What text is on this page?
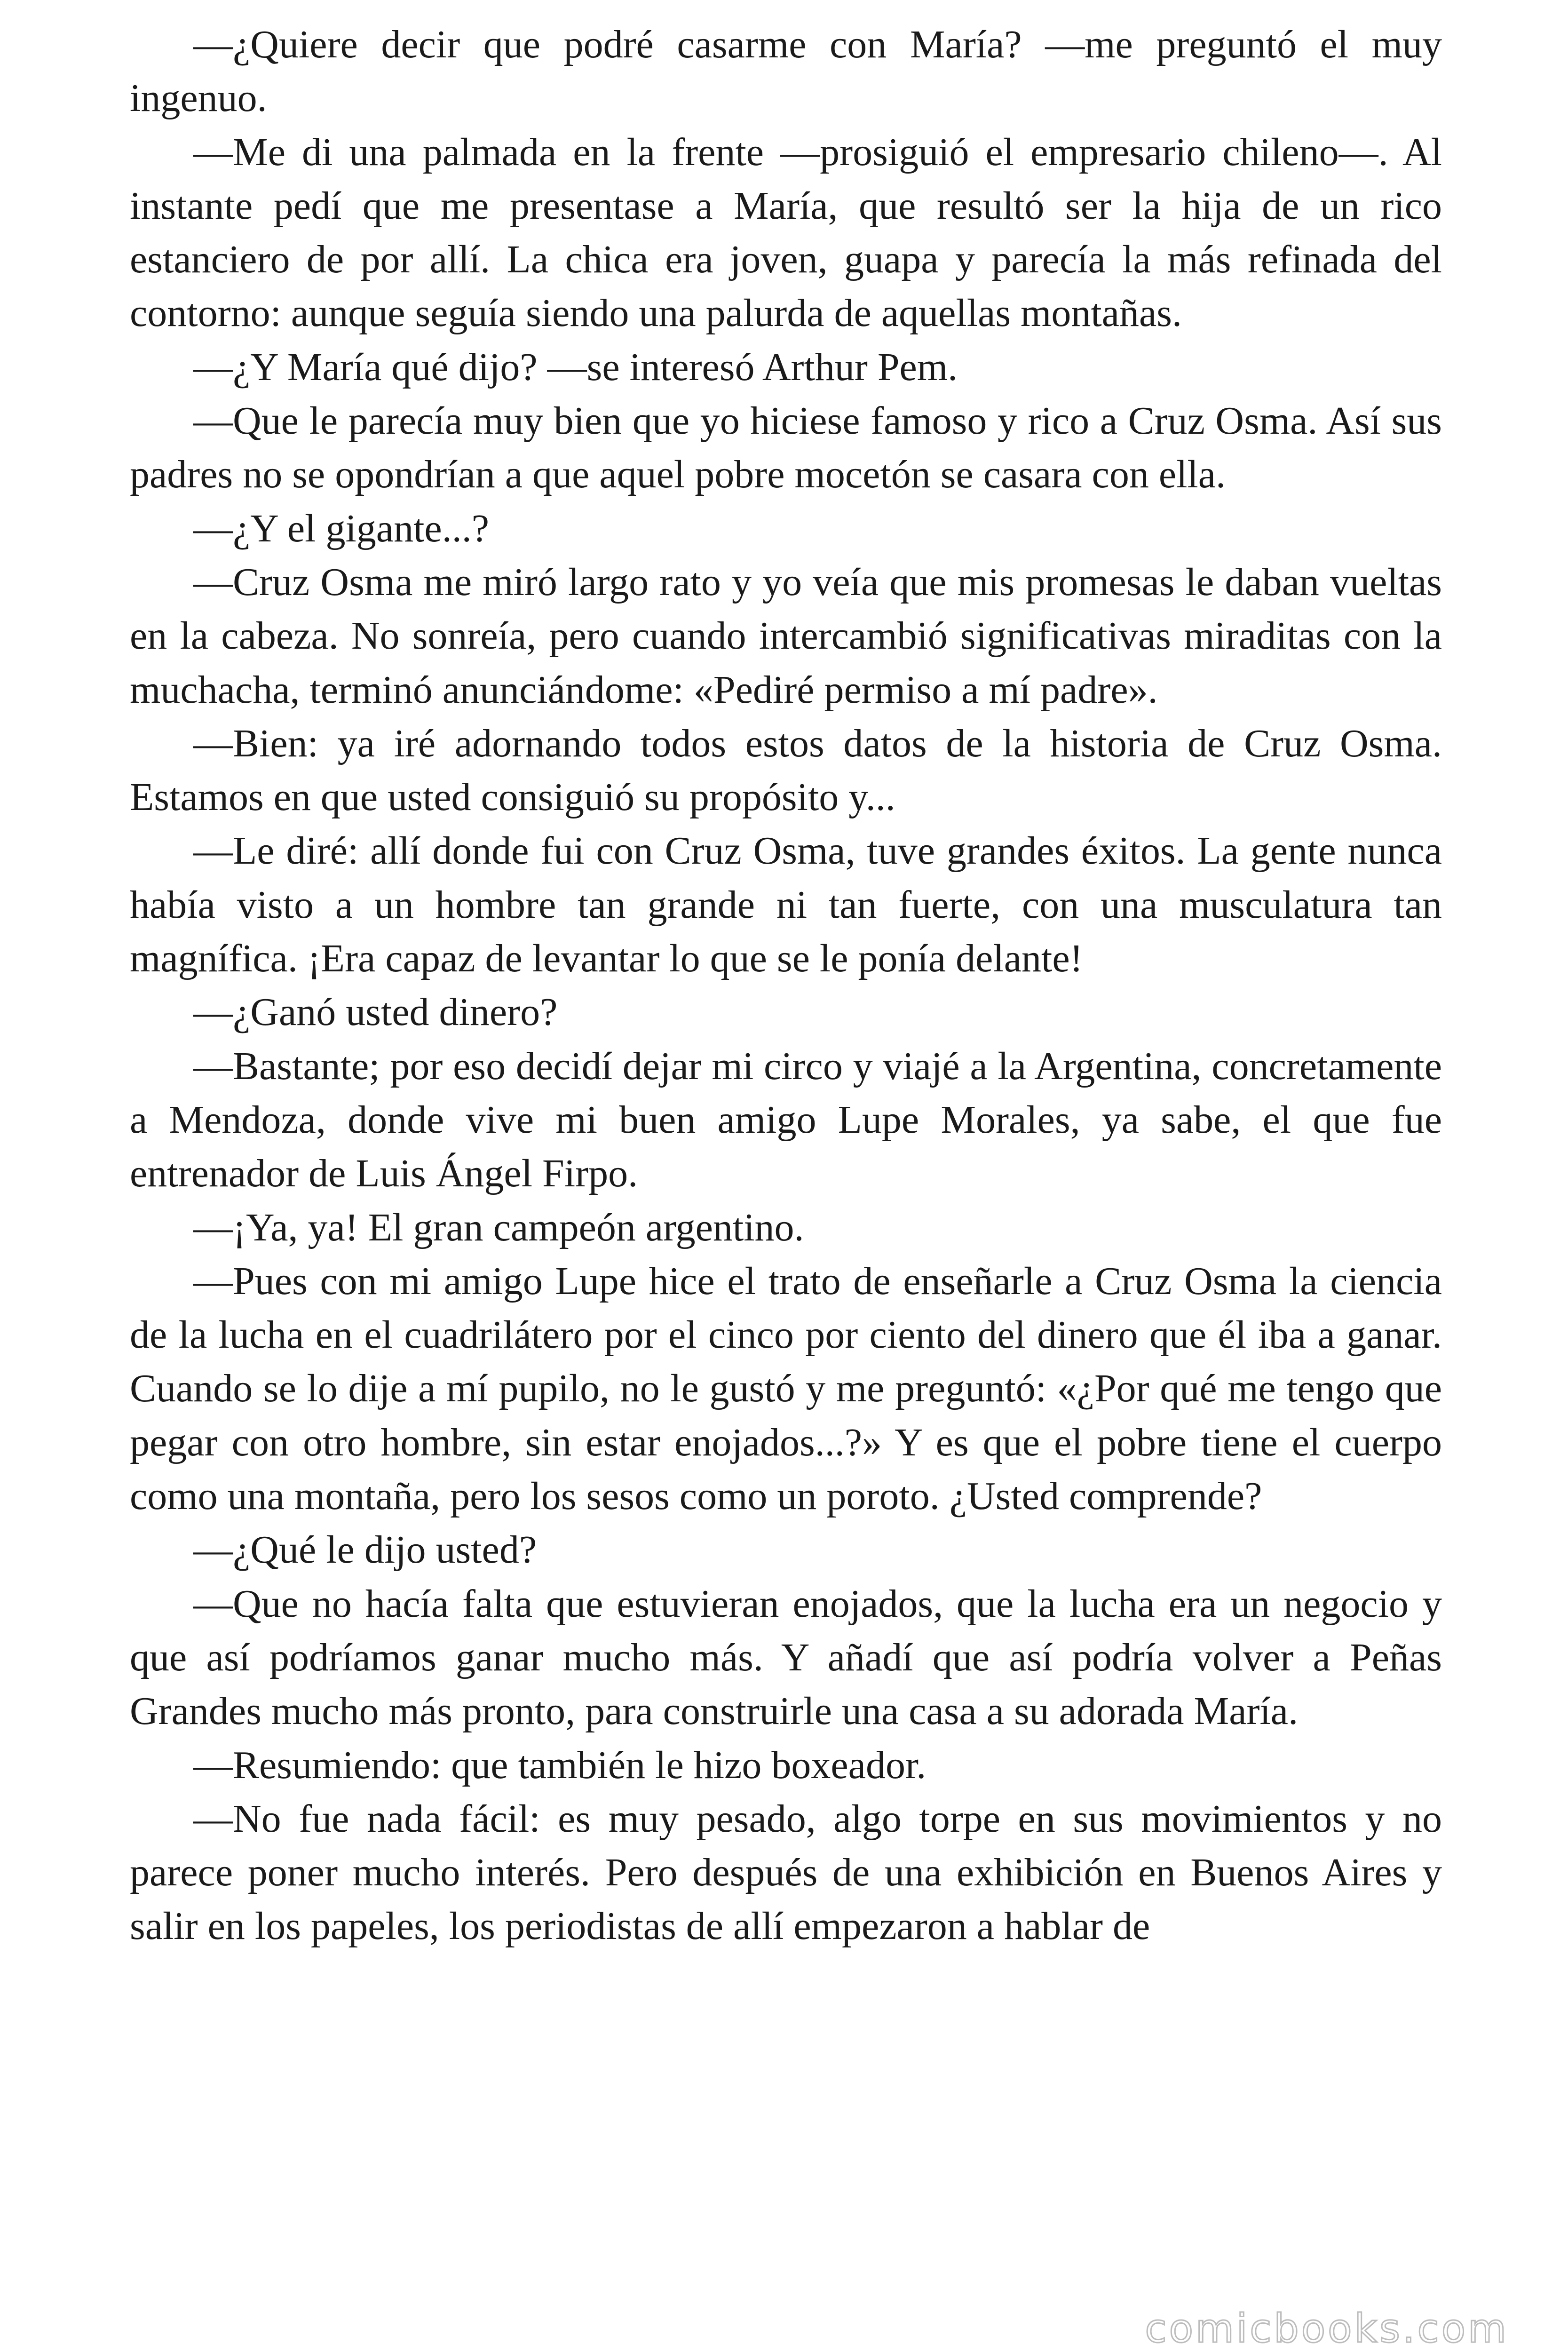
—¿Quiere decir que podré casarme con María? —me preguntó el muy ingenuo.

—Me di una palmada en la frente —prosiguió el empresario chileno—. Al instante pedí que me presentase a María, que resultó ser la hija de un rico estanciero de por allí. La chica era joven, guapa y parecía la más refinada del contorno: aunque seguía siendo una palurda de aquellas montañas.

—¿Y María qué dijo? —se interesó Arthur Pem.

—Que le parecía muy bien que yo hiciese famoso y rico a Cruz Osma. Así sus padres no se opondrían a que aquel pobre mocetón se casara con ella.

—¿Y el gigante...?

—Cruz Osma me miró largo rato y yo veía que mis promesas le daban vueltas en la cabeza. No sonreía, pero cuando intercambió significativas miraditas con la muchacha, terminó anunciándome: «Pediré permiso a mí padre».

—Bien: ya iré adornando todos estos datos de la historia de Cruz Osma. Estamos en que usted consiguió su propósito y...

—Le diré: allí donde fui con Cruz Osma, tuve grandes éxitos. La gente nunca había visto a un hombre tan grande ni tan fuerte, con una musculatura tan magnífica. ¡Era capaz de levantar lo que se le ponía delante!

—¿Ganó usted dinero?

—Bastante; por eso decidí dejar mi circo y viajé a la Argentina, concretamente a Mendoza, donde vive mi buen amigo Lupe Morales, ya sabe, el que fue entrenador de Luis Ángel Firpo.

—¡Ya, ya! El gran campeón argentino.

—Pues con mi amigo Lupe hice el trato de enseñarle a Cruz Osma la ciencia de la lucha en el cuadrilátero por el cinco por ciento del dinero que él iba a ganar. Cuando se lo dije a mí pupilo, no le gustó y me preguntó: «¿Por qué me tengo que pegar con otro hombre, sin estar enojados...?» Y es que el pobre tiene el cuerpo como una montaña, pero los sesos como un poroto. ¿Usted comprende?

—¿Qué le dijo usted?

—Que no hacía falta que estuvieran enojados, que la lucha era un negocio y que así podríamos ganar mucho más. Y añadí que así podría volver a Peñas Grandes mucho más pronto, para construirle una casa a su adorada María.

—Resumiendo: que también le hizo boxeador.

—No fue nada fácil: es muy pesado, algo torpe en sus movimientos y no parece poner mucho interés. Pero después de una exhibición en Buenos Aires y salir en los papeles, los periodistas de allí empezaron a hablar de

comicbooks.com
